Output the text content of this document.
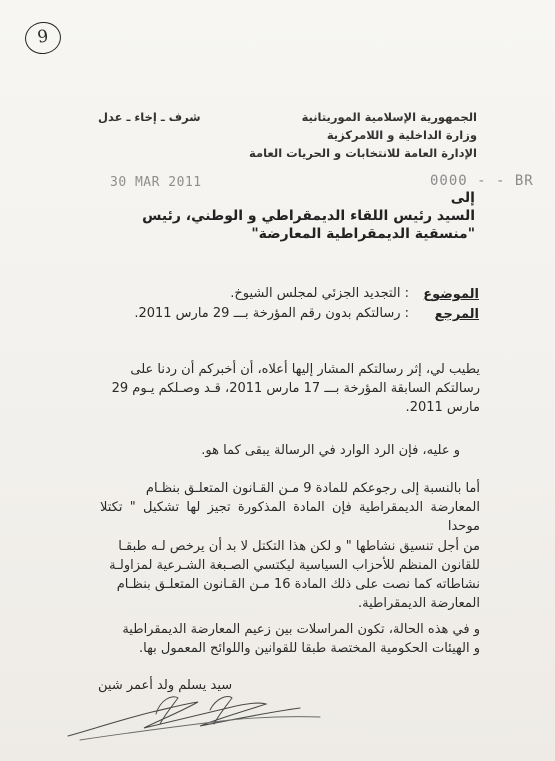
9
الجمهورية الإسلامية الموريتانية
شرف ـ إخاء ـ عدل
وزارة الداخلية و اللامركزية
الإدارة العامة للانتخابات و الحريات العامة
30 MAR 2011	0000 - - BR
إلى
السيد رئيس اللقاء الديمقراطي و الوطني، رئيس
"منسقية الديمقراطية المعارضة"
الموضوع
: التجديد الجزئي لمجلس الشيوخ.
المرجع
: رسالتكم بدون رقم المؤرخة بـــ 29 مارس 2011.
يطيب لي، إثر رسالتكم المشار إليها أعلاه، أن أخبركم أن ردنا على
رسالتكم السابقة المؤرخة بـــ 17 مارس 2011، قـد وصـلكم يـوم 29
مارس 2011.
و عليه، فإن الرد الوارد في الرسالة يبقى كما هو.
أما بالنسبة إلى رجوعكم للمادة 9 مـن القـانون المتعلـق بنظـام
المعارضة الديمقراطية فإن المادة المذكورة تجيز لها تشكيل " تكتلا موحدا
من أجل تنسيق نشاطها " و لكن هذا التكتل لا بد أن يرخص لـه طبقـا
للقانون المنظم للأحزاب السياسية ليكتسي الصـبغة الشـرعية لمزاولـة
نشاطاته كما نصت على ذلك المادة 16 مـن القـانون المتعلـق بنظـام
المعارضة الديمقراطية.
و في هذه الحالة، تكون المراسلات بين زعيم المعارضة الديمقراطية
و الهيئات الحكومية المختصة طبقا للقوانين واللوائح المعمول بها.
سيد يسلم ولد أعمر شين
